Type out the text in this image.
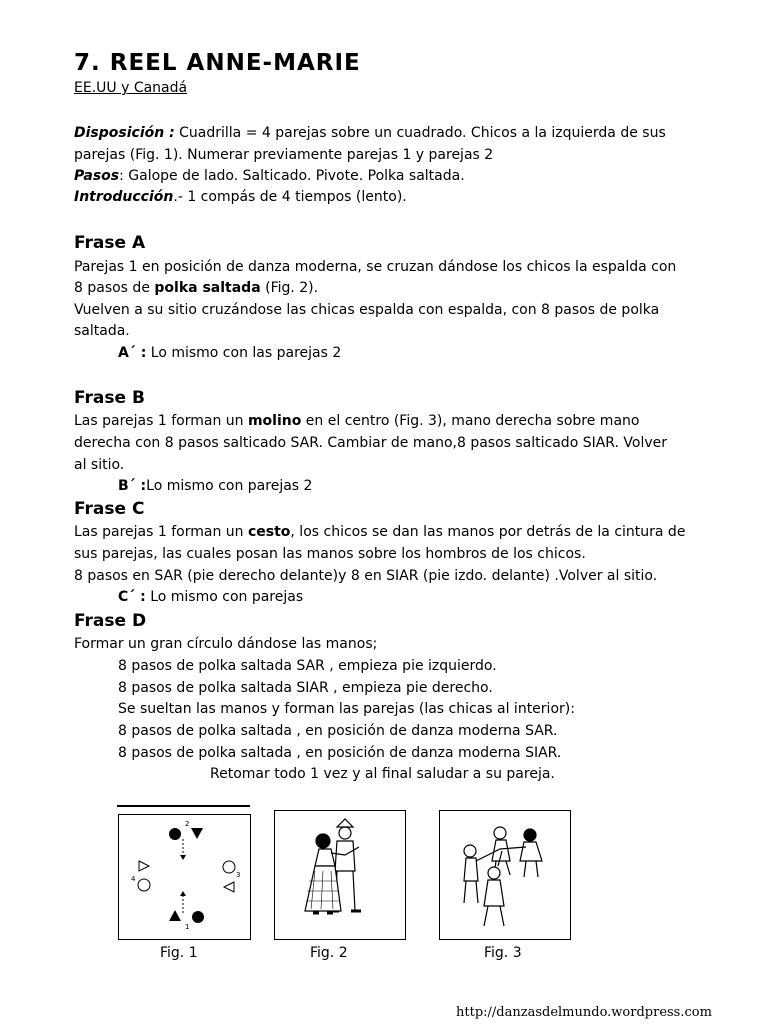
7. REEL ANNE-MARIE
EE.UU y Canadá
Disposición : Cuadrilla = 4 parejas sobre un cuadrado. Chicos a la izquierda de sus
parejas (Fig. 1). Numerar previamente parejas 1 y parejas 2
Pasos: Galope de lado. Salticado. Pivote. Polka saltada.
Introducción.- 1 compás de 4 tiempos (lento).
Frase A
Parejas 1 en posición de danza moderna, se cruzan dándose los chicos la espalda con
8 pasos de polka saltada (Fig. 2).
Vuelven a su sitio cruzándose las chicas espalda con espalda, con 8 pasos de polka
saltada.
A´ : Lo mismo con las parejas 2
Frase B
Las parejas 1 forman un molino en el centro (Fig. 3), mano derecha sobre mano
derecha con 8 pasos salticado SAR. Cambiar de mano,8 pasos salticado SIAR. Volver
al sitio.
B´ :Lo mismo con parejas 2
Frase C
Las parejas 1 forman un cesto, los chicos se dan las manos por detrás de la cintura de
sus parejas, las cuales posan las manos sobre los hombros de los chicos.
8 pasos en SAR (pie derecho delante)y 8 en SIAR (pie izdo. delante) .Volver al sitio.
C´ : Lo mismo con parejas
Frase D
Formar un gran círculo dándose las manos;
8 pasos de polka saltada SAR , empieza pie izquierdo.
8 pasos de polka saltada SIAR , empieza pie derecho.
Se sueltan las manos y forman las parejas (las chicas al interior):
8 pasos de polka saltada , en posición de danza moderna SAR.
8 pasos de polka saltada , en posición de danza moderna SIAR.
Retomar todo 1 vez y al final saludar a su pareja.
2
4	3
1
Fig. 1	Fig. 2	Fig. 3
http://danzasdelmundo.wordpress.com
